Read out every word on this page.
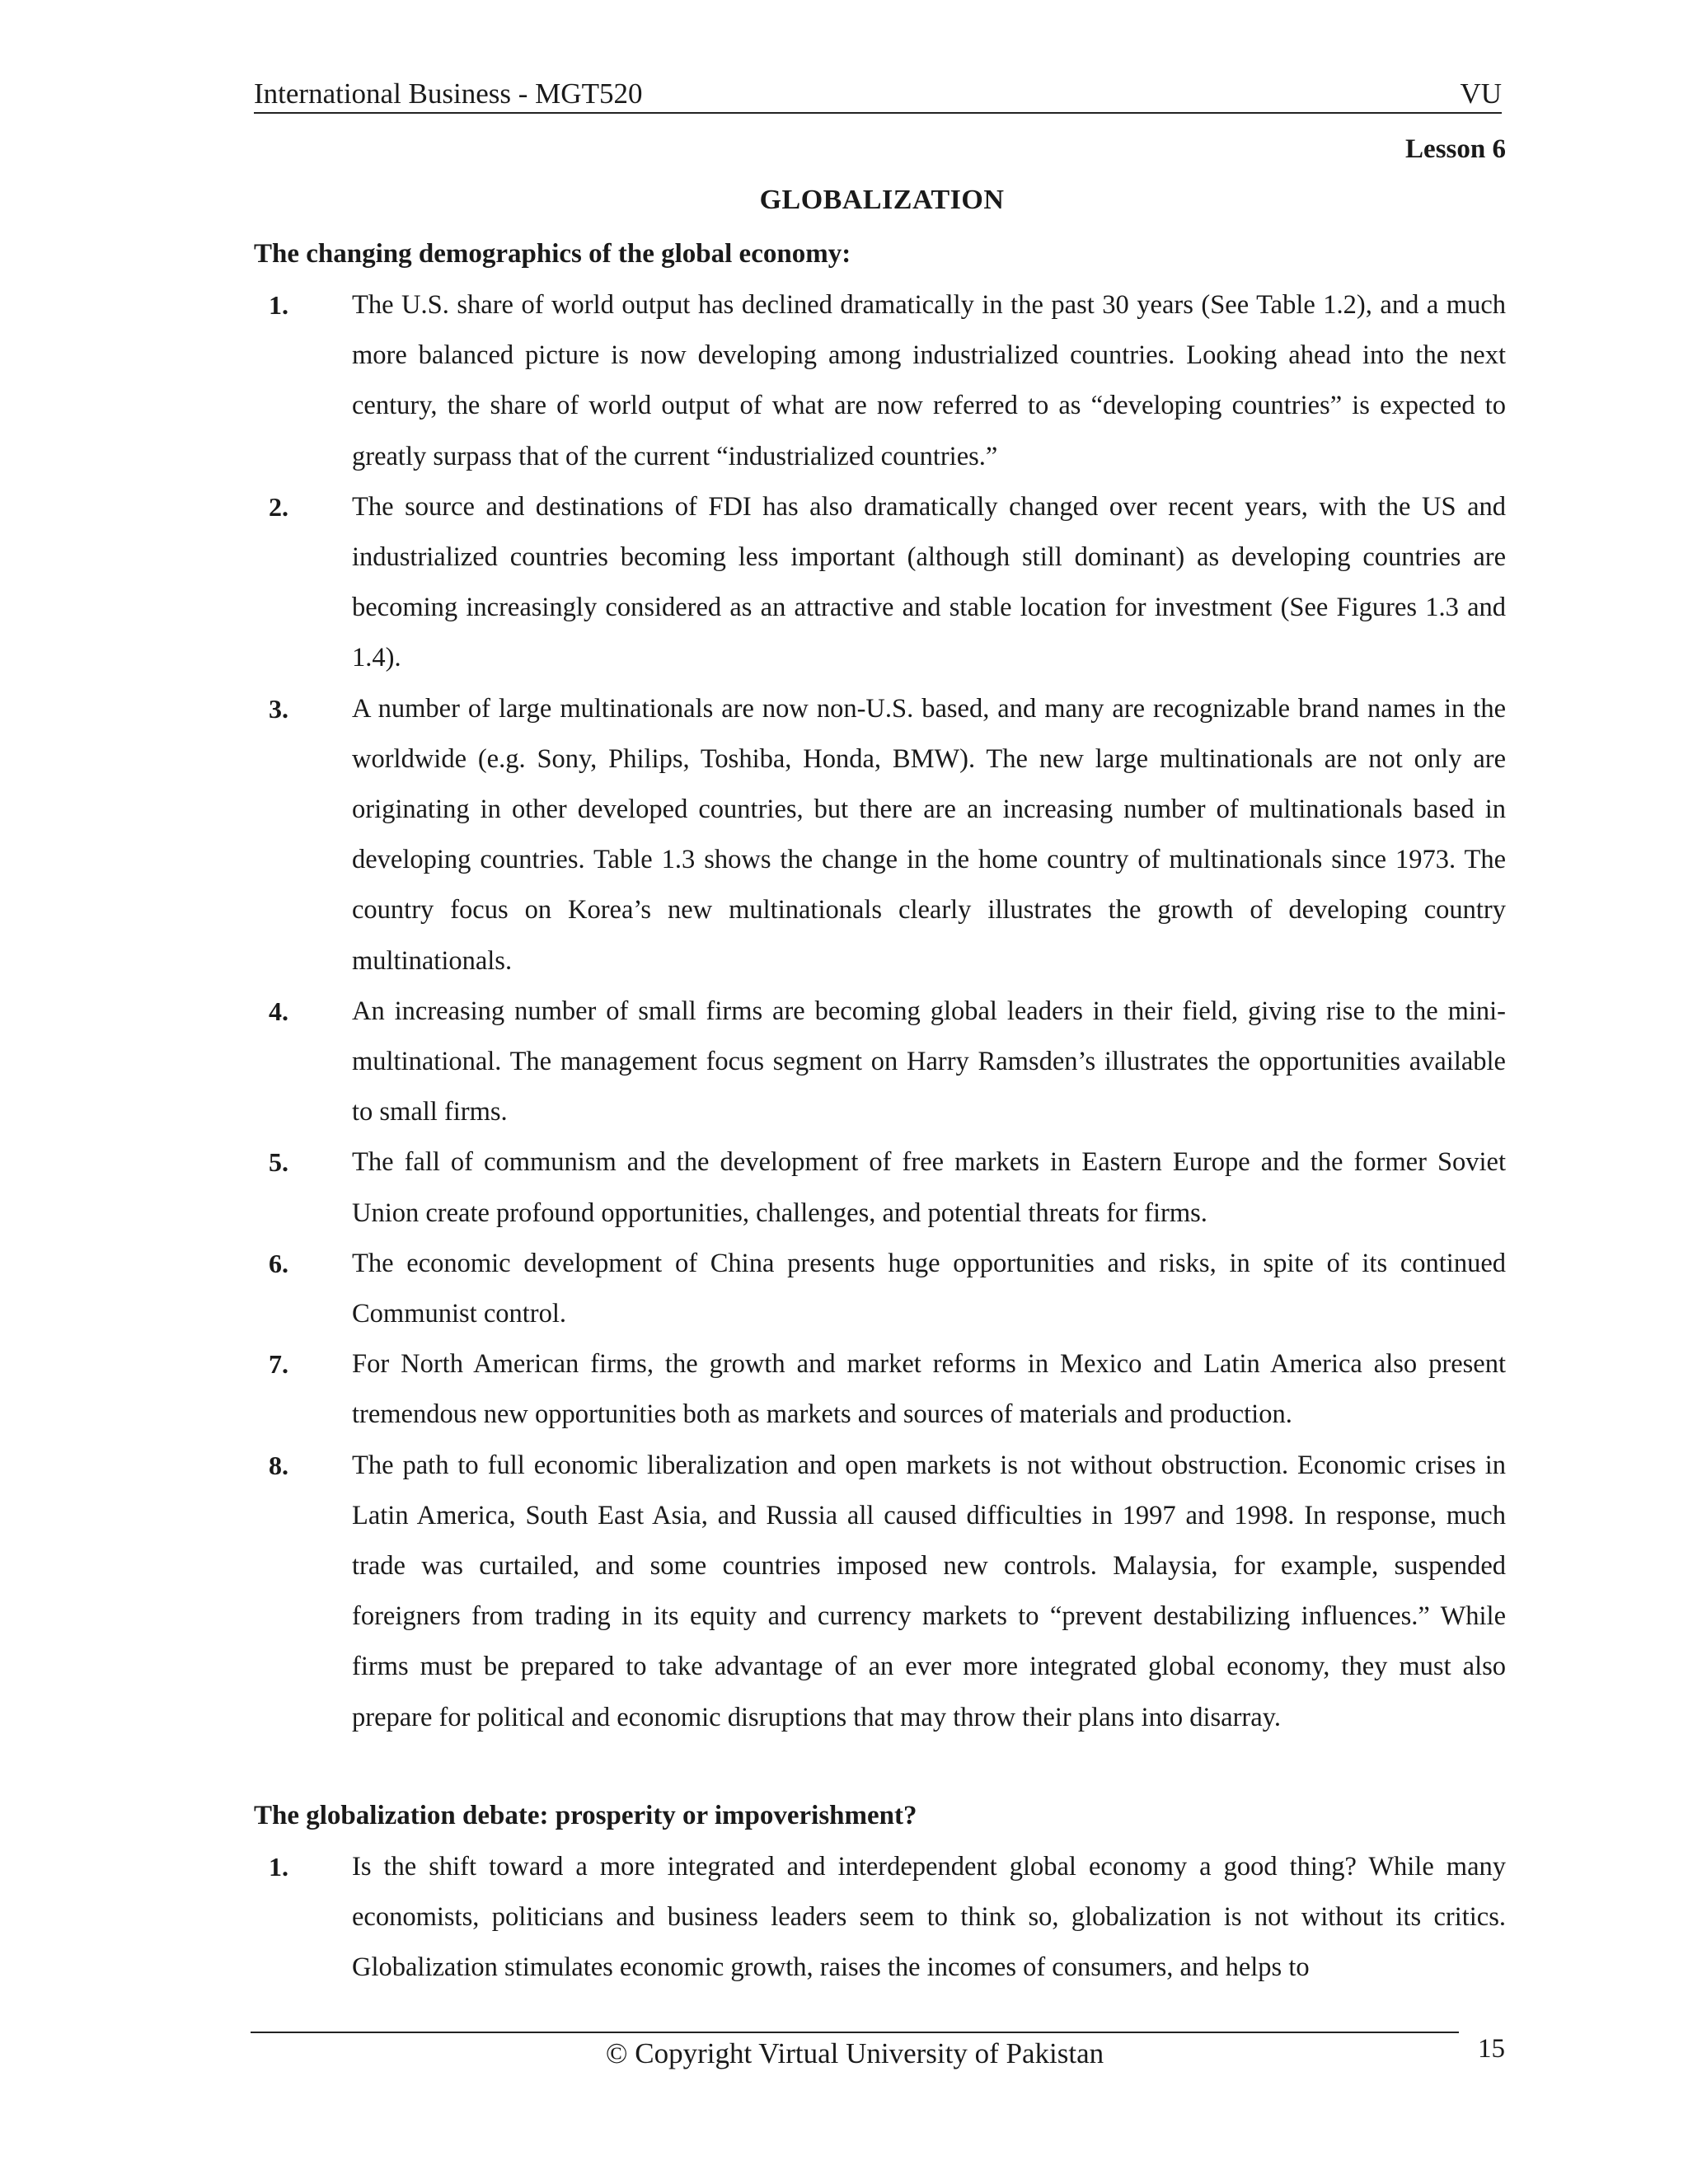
International Business - MGT520	VU
Lesson 6
GLOBALIZATION
The changing demographics of the global economy:
1. The U.S. share of world output has declined dramatically in the past 30 years (See Table 1.2), and a much more balanced picture is now developing among industrialized countries. Looking ahead into the next century, the share of world output of what are now referred to as “developing countries” is expected to greatly surpass that of the current “industrialized countries.”
2. The source and destinations of FDI has also dramatically changed over recent years, with the US and industrialized countries becoming less important (although still dominant) as developing countries are becoming increasingly considered as an attractive and stable location for investment (See Figures 1.3 and 1.4).
3. A number of large multinationals are now non-U.S. based, and many are recognizable brand names in the worldwide (e.g. Sony, Philips, Toshiba, Honda, BMW). The new large multinationals are not only are originating in other developed countries, but there are an increasing number of multinationals based in developing countries. Table 1.3 shows the change in the home country of multinationals since 1973. The country focus on Korea’s new multinationals clearly illustrates the growth of developing country multinationals.
4. An increasing number of small firms are becoming global leaders in their field, giving rise to the mini-multinational. The management focus segment on Harry Ramsden’s illustrates the opportunities available to small firms.
5. The fall of communism and the development of free markets in Eastern Europe and the former Soviet Union create profound opportunities, challenges, and potential threats for firms.
6. The economic development of China presents huge opportunities and risks, in spite of its continued Communist control.
7. For North American firms, the growth and market reforms in Mexico and Latin America also present tremendous new opportunities both as markets and sources of materials and production.
8. The path to full economic liberalization and open markets is not without obstruction. Economic crises in Latin America, South East Asia, and Russia all caused difficulties in 1997 and 1998. In response, much trade was curtailed, and some countries imposed new controls. Malaysia, for example, suspended foreigners from trading in its equity and currency markets to “prevent destabilizing influences.” While firms must be prepared to take advantage of an ever more integrated global economy, they must also prepare for political and economic disruptions that may throw their plans into disarray.
The globalization debate: prosperity or impoverishment?
1. Is the shift toward a more integrated and interdependent global economy a good thing? While many economists, politicians and business leaders seem to think so, globalization is not without its critics. Globalization stimulates economic growth, raises the incomes of consumers, and helps to
© Copyright Virtual University of Pakistan	15
